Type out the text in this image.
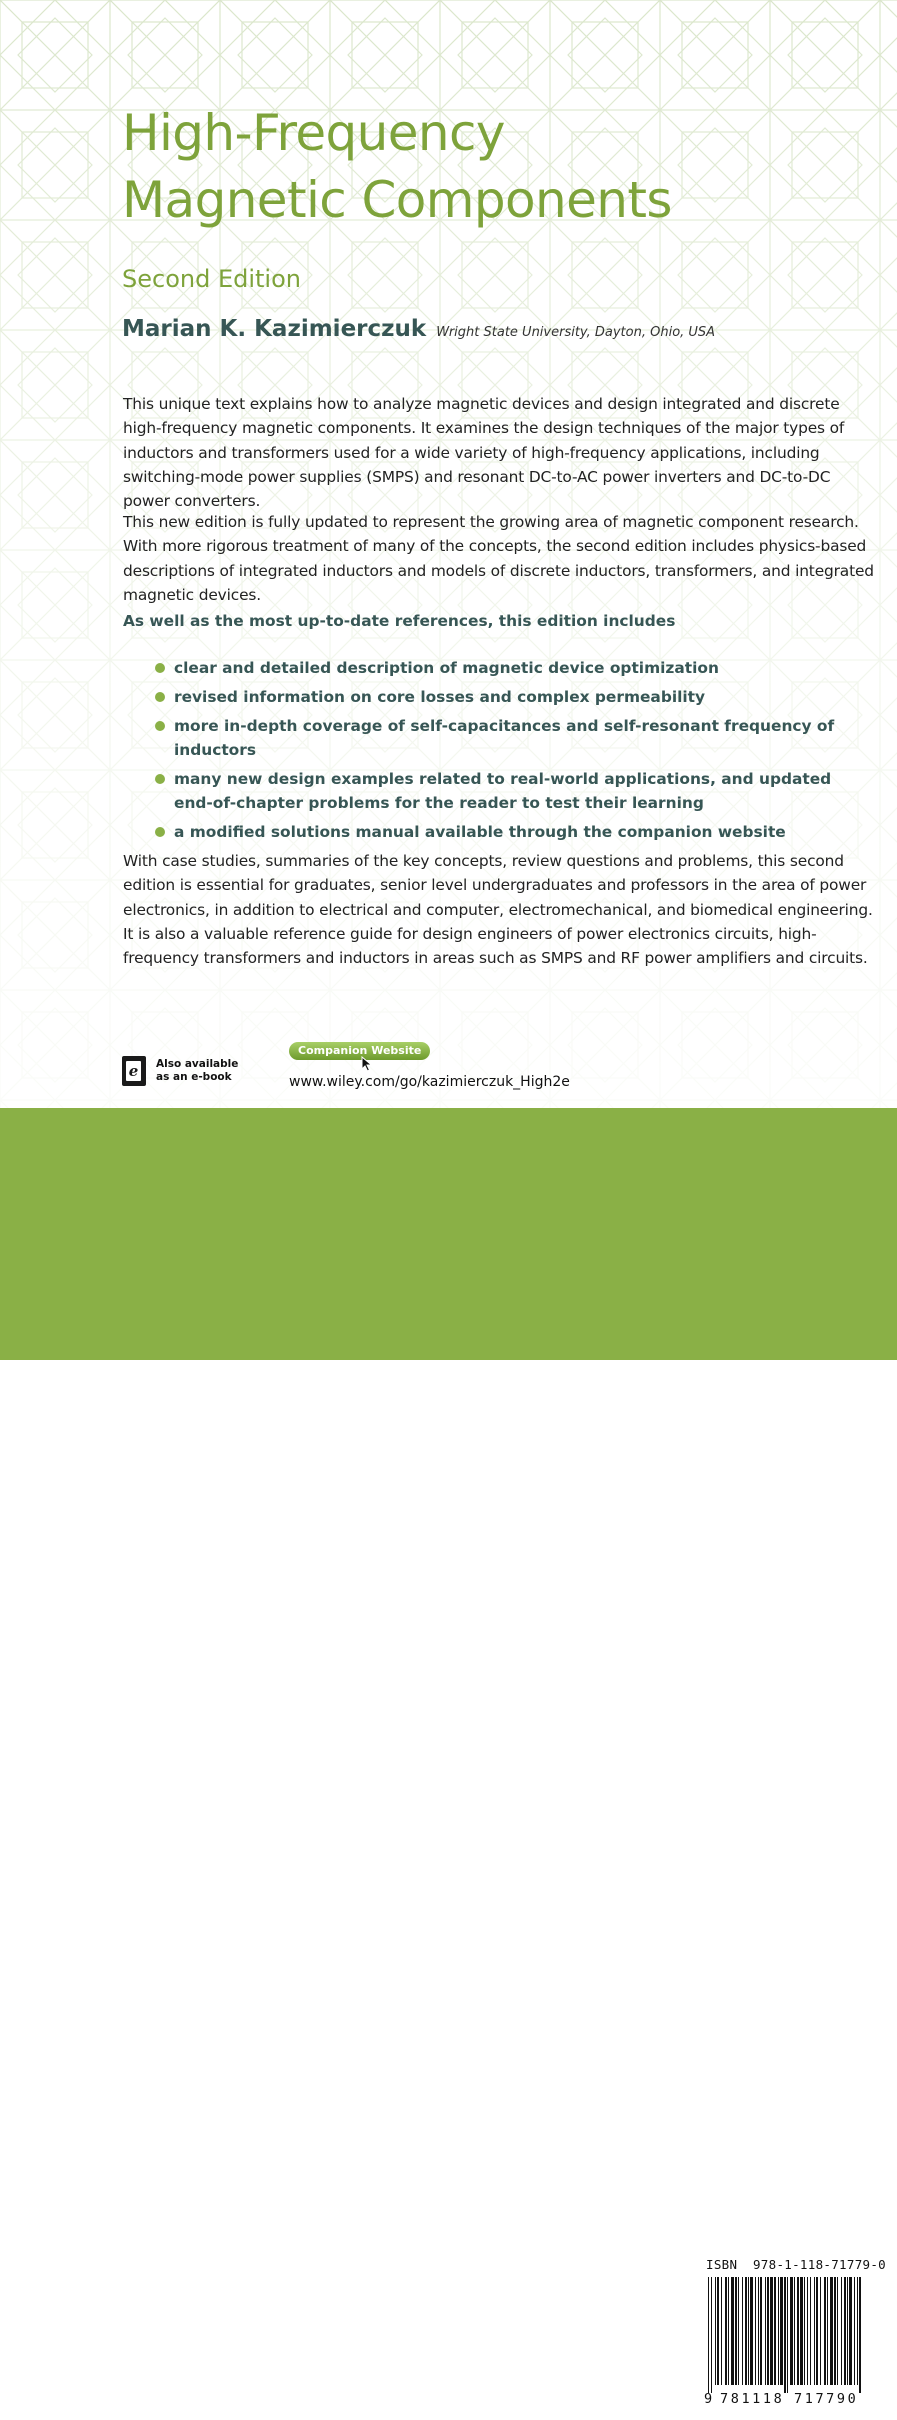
High-Frequency
Magnetic Components
Second Edition
Marian K. Kazimierczuk Wright State University, Dayton, Ohio, USA

This unique text explains how to analyze magnetic devices and design integrated and discrete high-frequency magnetic components. It examines the design techniques of the major types of inductors and transformers used for a wide variety of high-frequency applications, including switching-mode power supplies (SMPS) and resonant DC-to-AC power inverters and DC-to-DC power converters.

This new edition is fully updated to represent the growing area of magnetic component research. With more rigorous treatment of many of the concepts, the second edition includes physics-based descriptions of integrated inductors and models of discrete inductors, transformers, and integrated magnetic devices.

As well as the most up-to-date references, this edition includes
clear and detailed description of magnetic device optimization
revised information on core losses and complex permeability
more in-depth coverage of self-capacitances and self-resonant frequency of inductors
many new design examples related to real-world applications, and updated end-of-chapter problems for the reader to test their learning
a modified solutions manual available through the companion website

With case studies, summaries of the key concepts, review questions and problems, this second edition is essential for graduates, senior level undergraduates and professors in the area of power electronics, in addition to electrical and computer, electromechanical, and biomedical engineering. It is also a valuable reference guide for design engineers of power electronics circuits, high-frequency transformers and inductors in areas such as SMPS and RF power amplifiers and circuits.

e Also available
as an e-book
Companion Website
www.wiley.com/go/kazimierczuk_High2e
WILEY
ISBN 978-1-118-71779-0
9 781118 717790
